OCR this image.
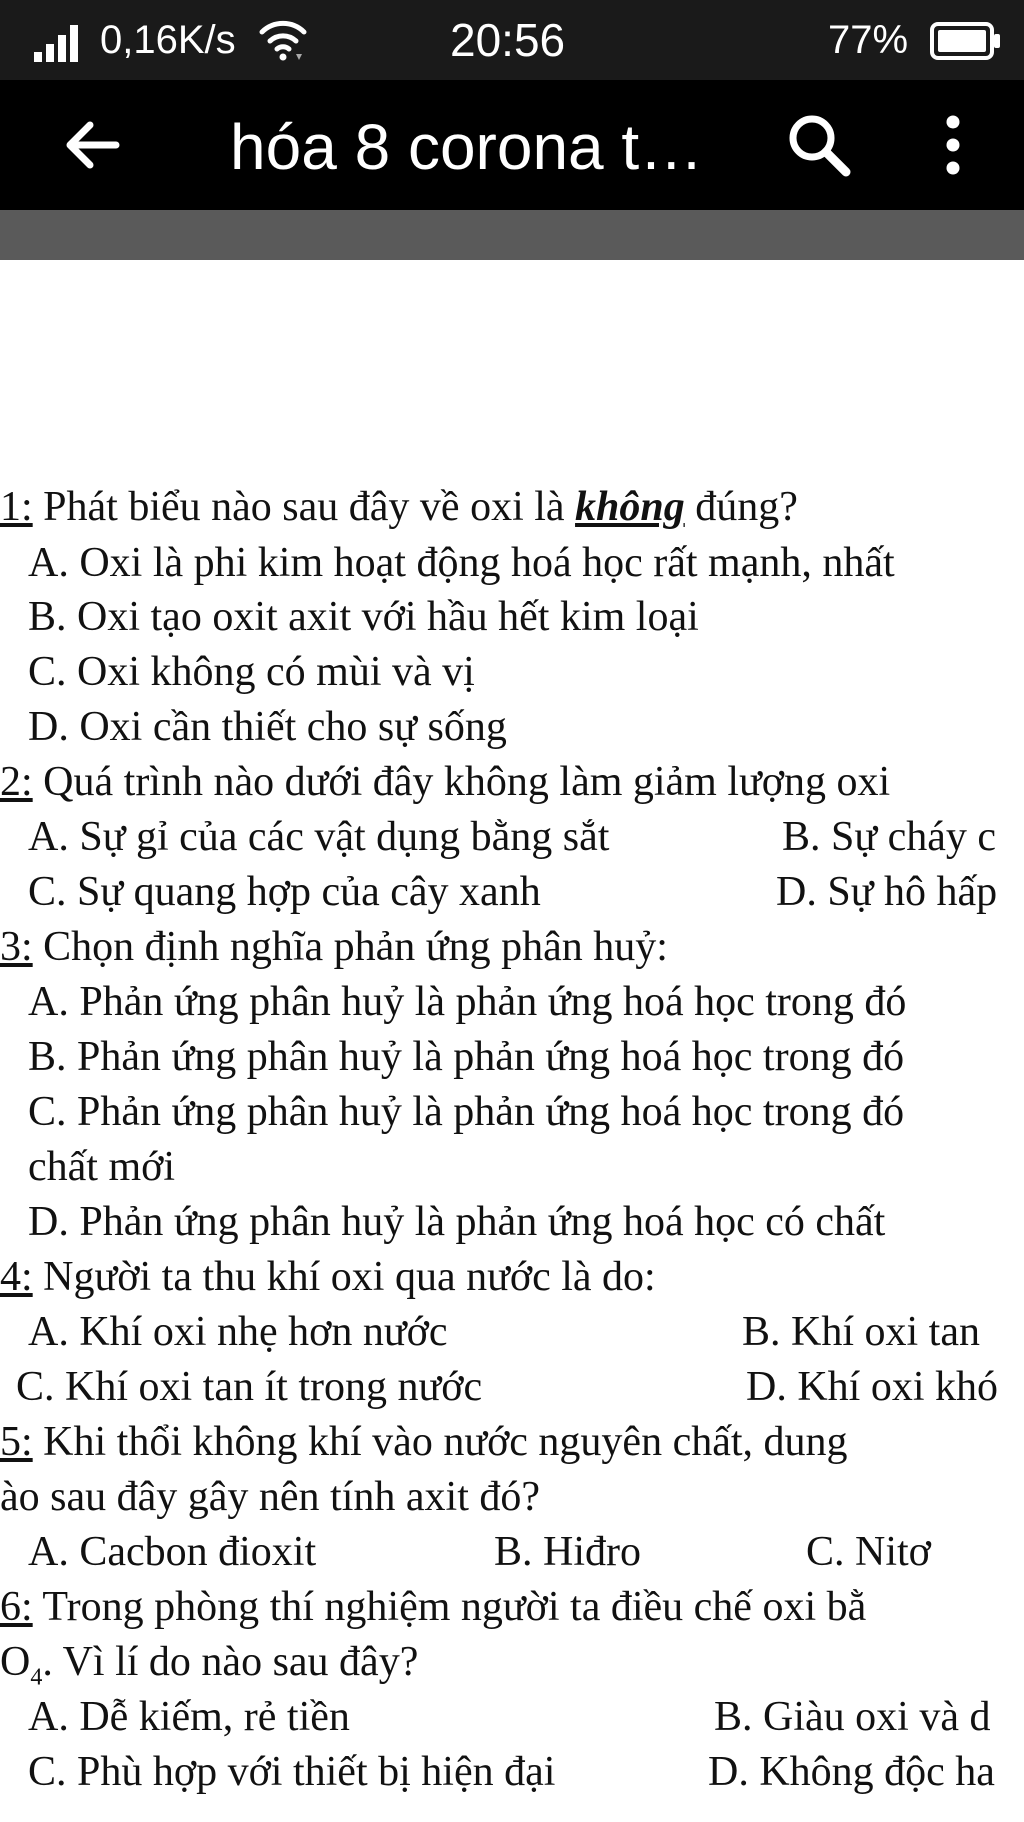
0,16K/s	20:56	77%
hóa 8 corona t…
1: Phát biểu nào sau đây về oxi là không đúng?
A. Oxi là phi kim hoạt động hoá học rất mạnh, nhất
B. Oxi tạo oxit axit với hầu hết kim loại
C. Oxi không có mùi và vị
D. Oxi cần thiết cho sự sống
2: Quá trình nào dưới đây không làm giảm lượng oxi
A. Sự gỉ của các vật dụng bằng sắt	B. Sự cháy c
C. Sự quang hợp của cây xanh	D. Sự hô hấp
3: Chọn định nghĩa phản ứng phân huỷ:
A. Phản ứng phân huỷ là phản ứng hoá học trong đó
B. Phản ứng phân huỷ là phản ứng hoá học trong đó
C. Phản ứng phân huỷ là phản ứng hoá học trong đó
chất mới
D. Phản ứng phân huỷ là phản ứng hoá học có chất
4: Người ta thu khí oxi qua nước là do:
A. Khí oxi nhẹ hơn nước	B. Khí oxi tan
C. Khí oxi tan ít trong nước	D. Khí oxi khó
5: Khi thổi không khí vào nước nguyên chất, dung
ào sau đây gây nên tính axit đó?
A. Cacbon đioxit	B. Hiđro	C. Nitơ
6: Trong phòng thí nghiệm người ta điều chế oxi bằ
$O_4$. Vì lí do nào sau đây?
A. Dễ kiếm, rẻ tiền	B. Giàu oxi và d
C. Phù hợp với thiết bị hiện đại	D. Không độc ha
